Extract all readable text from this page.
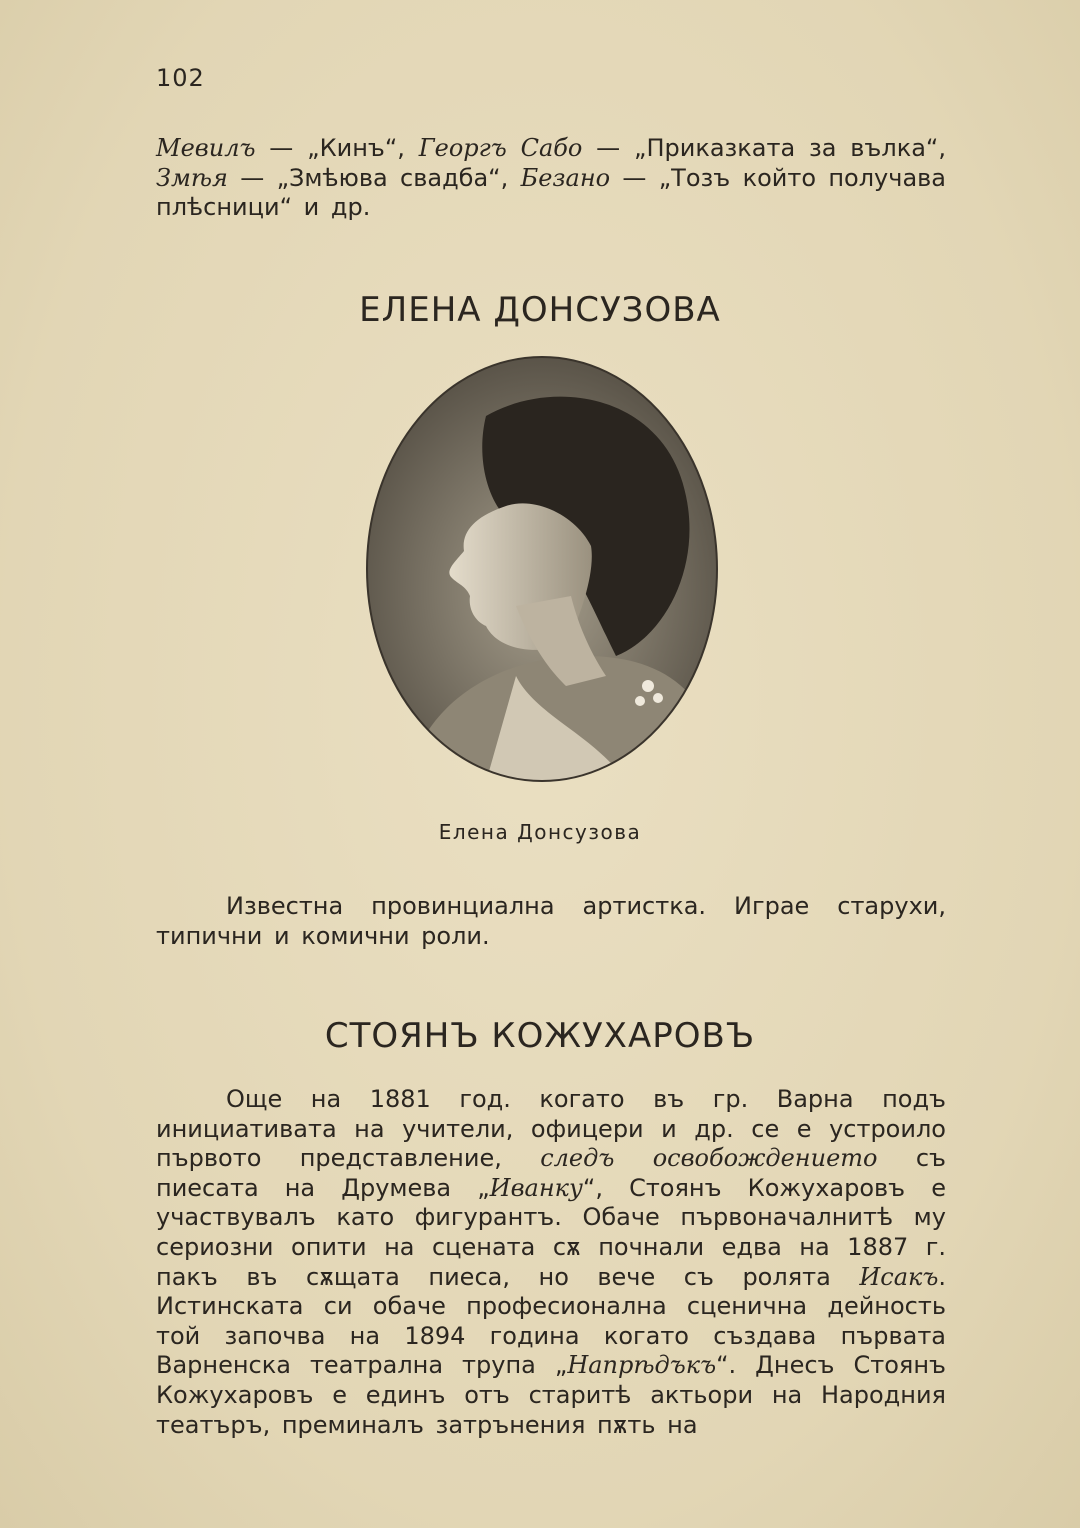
102
Мевилъ — „Кинъ“, Георгъ Сабо — „Приказката за вълка“, Змѣя — „Змѣюва свадба“, Безано — „Тозъ който получава плѣсници“ и др.
ЕЛЕНА ДОНСУЗОВА
Елена Донсузова
Известна провинциална артистка. Играе старухи, типични и комични роли.
СТОЯНЪ КОЖУХАРОВЪ
Още на 1881 год. когато въ гр. Варна подъ инициативата на учители, офицери и др. се е устроило първото представление, следъ освобождението съ пиесата на Друмева „Иванку“, Стоянъ Кожухаровъ е участвувалъ като фигурантъ. Обаче първоначалнитѣ му сериозни опити на сцената сѫ почнали едва на 1887 г. пакъ въ сѫщата пиеса, но вече съ ролята Исакъ. Истинската си обаче професионална сценична дейность той започва на 1894 година когато създава първата Варненска театрална трупа „Напрѣдъкъ“. Днесъ Стоянъ Кожухаровъ е единъ отъ старитѣ актьори на Народния театъръ, преминалъ затрънения пѫть на
